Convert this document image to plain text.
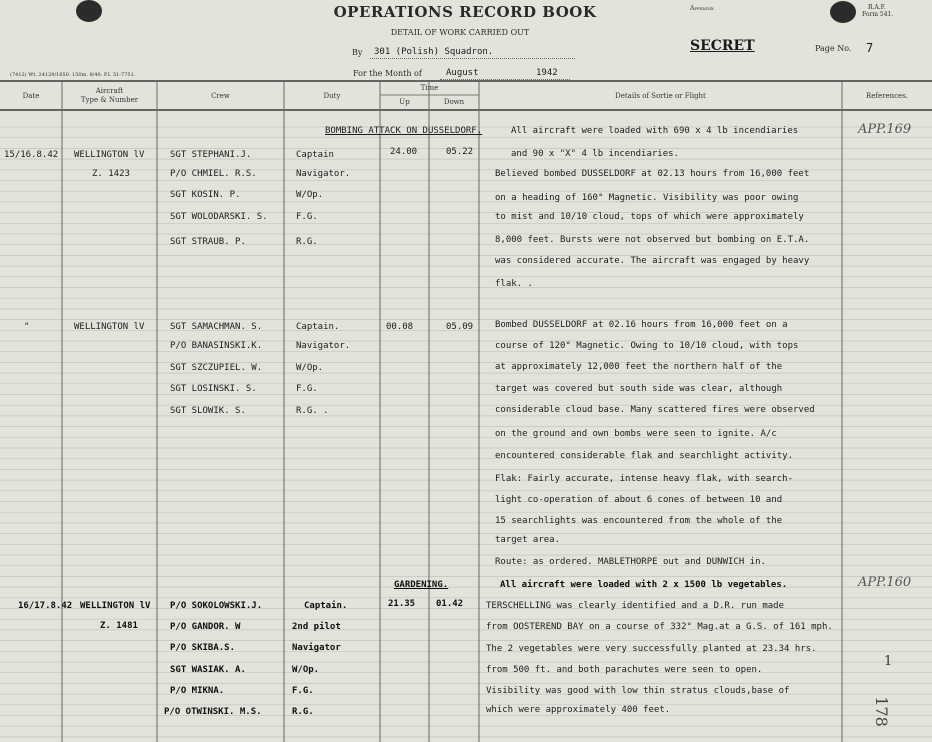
OPERATIONS RECORD BOOK	Appendix	R.A.F.
Form 541.
DETAIL OF WORK CARRIED OUT
By 301 (Polish) Squadron.	SECRET	Page No. 7
(7412) Wt. 24129/1650. 150m. 8/40. P.I. 51-7751.	For the Month of	August	1942
Date
Aircraft
Type & Number	Crew	Duty
Time
Up	Down
Details of Sortie or Flight	References.
BOMBING ATTACK ON DUSSELDORF.
15/16.8.42 WELLINGTON lV
Z. 1423
24.00	05.22
APP.169
SGT STEPHANI.J.	Captain
P/O CHMIEL. R.S.	Navigator.
SGT KOSIN. P.	W/Op.
SGT WOLODARSKI. S.	F.G.
SGT STRAUB. P.	R.G.
All aircraft were loaded with 690 x 4 lb incendiaries
and 90 x "X" 4 lb incendiaries.
Believed bombed DUSSELDORF at 02.13 hours from 16,000 feet
on a heading of 160° Magnetic. Visibility was poor owing
to mist and 10/10 cloud, tops of which were approximately
8,000 feet. Bursts were not observed but bombing on E.T.A.
was considered accurate. The aircraft was engaged by heavy
flak. .
"	WELLINGTON lV	00.08	05.09
SGT SAMACHMAN. S.	Captain.
P/O BANASINSKI.K.	Navigator.
SGT SZCZUPIEL. W.	W/Op.
SGT LOSINSKI. S.	F.G.
SGT SLOWIK. S.	R.G. .
Bombed DUSSELDORF at 02.16 hours from 16,000 feet on a
course of 120° Magnetic. Owing to 10/10 cloud, with tops
at approximately 12,000 feet the northern half of the
target was covered but south side was clear, although
considerable cloud base. Many scattered fires were observed
on the ground and own bombs were seen to ignite. A/c
encountered considerable flak and searchlight activity.
Flak: Fairly accurate, intense heavy flak, with search-
light co-operation of about 6 cones of between 10 and
15 searchlights was encountered from the whole of the
target area.
Route: as ordered. MABLETHORPE out and DUNWICH in.
GARDENING.
16/17.8.42 WELLINGTON lV
Z. 1481
21.35 01.42
APP.160
P/O SOKOLOWSKI.J.	Captain.
P/O GANDOR. W	2nd pilot
P/O SKIBA.S.	Navigator
SGT WASIAK. A.	W/Op.
P/O MIKNA.	F.G.
P/O OTWINSKI. M.S.	R.G.
All aircraft were loaded with 2 x 1500 lb vegetables.
TERSCHELLING was clearly identified and a D.R. run made
from OOSTEREND BAY on a course of 332° Mag.at a G.S. of 161 mph.
The 2 vegetables were very successfully planted at 23.34 hrs.
from 500 ft. and both parachutes were seen to open.
Visibility was good with low thin stratus clouds,base of
which were approximately 400 feet.
1
178
